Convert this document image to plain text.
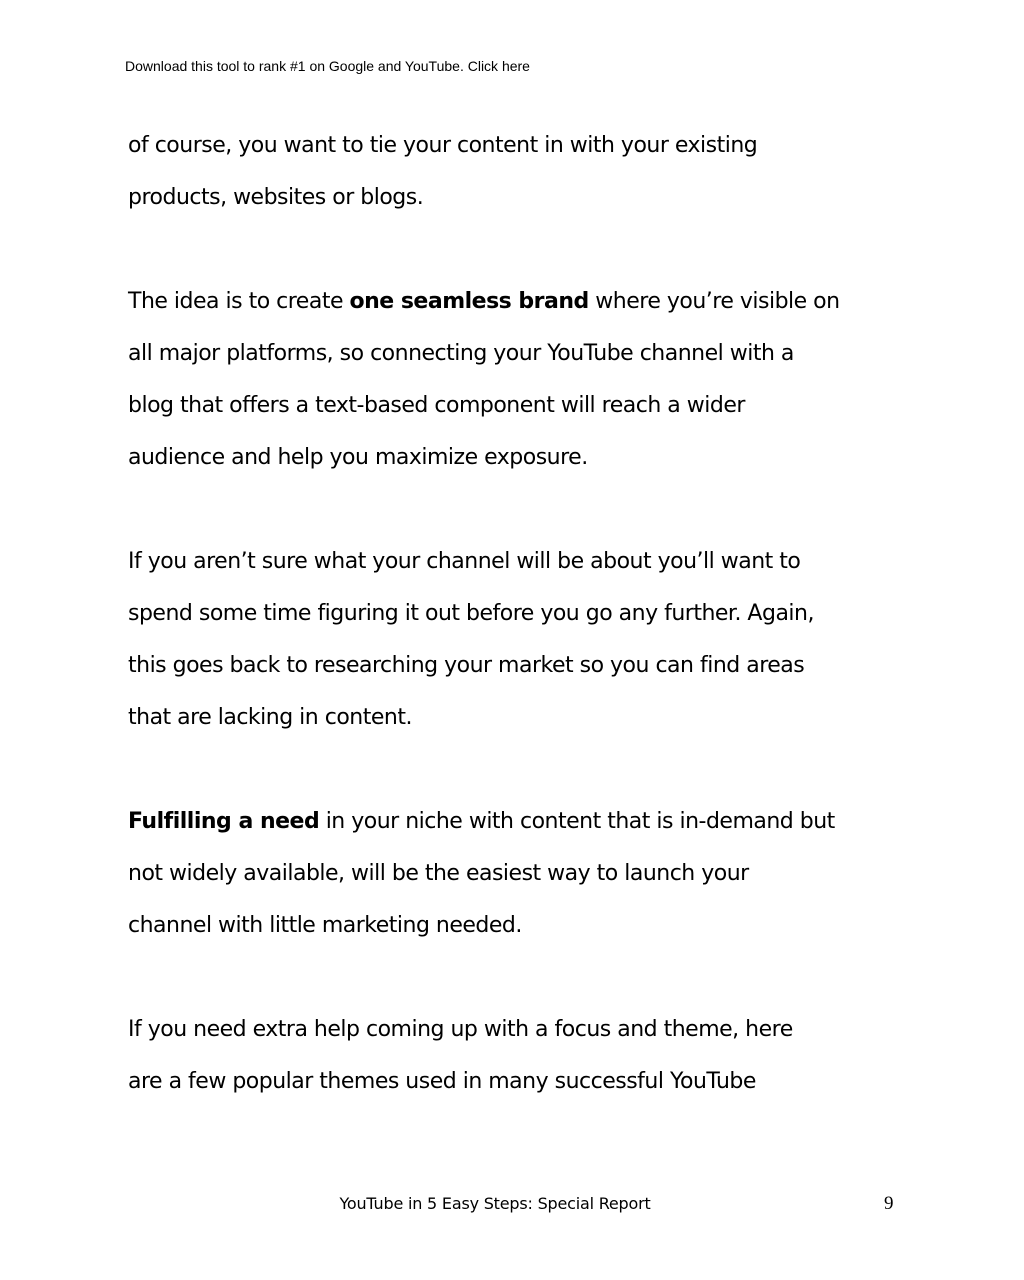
Download this tool to rank #1 on Google and YouTube. Click here
of course, you want to tie your content in with your existing
products, websites or blogs.
The idea is to create one seamless brand where you’re visible on
all major platforms, so connecting your YouTube channel with a
blog that offers a text-based component will reach a wider
audience and help you maximize exposure.
If you aren’t sure what your channel will be about you’ll want to
spend some time figuring it out before you go any further. Again,
this goes back to researching your market so you can find areas
that are lacking in content.
Fulfilling a need in your niche with content that is in-demand but
not widely available, will be the easiest way to launch your
channel with little marketing needed.
If you need extra help coming up with a focus and theme, here
are a few popular themes used in many successful YouTube
YouTube in 5 Easy Steps: Special Report	9
